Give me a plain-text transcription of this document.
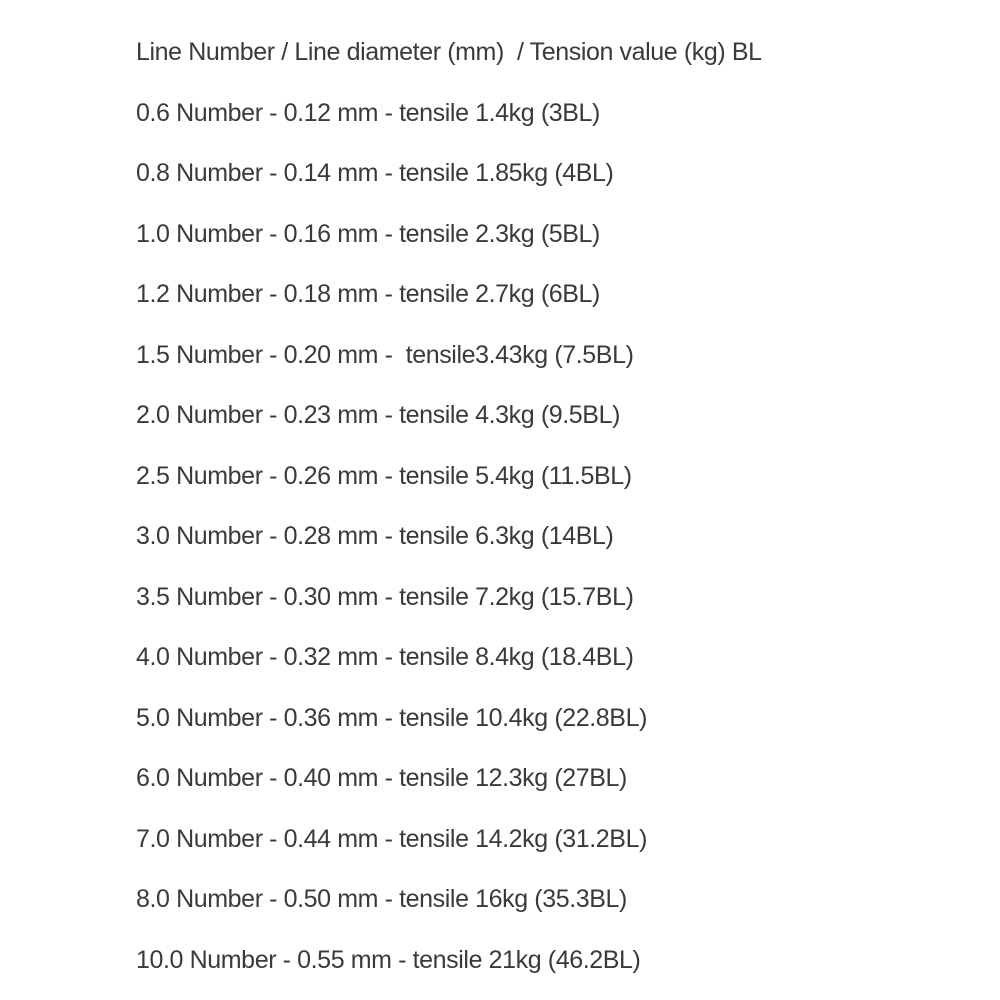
Line Number / Line diameter (mm)  / Tension value (kg) BL
0.6 Number - 0.12 mm - tensile 1.4kg (3BL)
0.8 Number - 0.14 mm - tensile 1.85kg (4BL)
1.0 Number - 0.16 mm - tensile 2.3kg (5BL)
1.2 Number - 0.18 mm - tensile 2.7kg (6BL)
1.5 Number - 0.20 mm -  tensile3.43kg (7.5BL)
2.0 Number - 0.23 mm - tensile 4.3kg (9.5BL)
2.5 Number - 0.26 mm - tensile 5.4kg (11.5BL)
3.0 Number - 0.28 mm - tensile 6.3kg (14BL)
3.5 Number - 0.30 mm - tensile 7.2kg (15.7BL)
4.0 Number - 0.32 mm - tensile 8.4kg (18.4BL)
5.0 Number - 0.36 mm - tensile 10.4kg (22.8BL)
6.0 Number - 0.40 mm - tensile 12.3kg (27BL)
7.0 Number - 0.44 mm - tensile 14.2kg (31.2BL)
8.0 Number - 0.50 mm - tensile 16kg (35.3BL)
10.0 Number - 0.55 mm - tensile 21kg (46.2BL)
